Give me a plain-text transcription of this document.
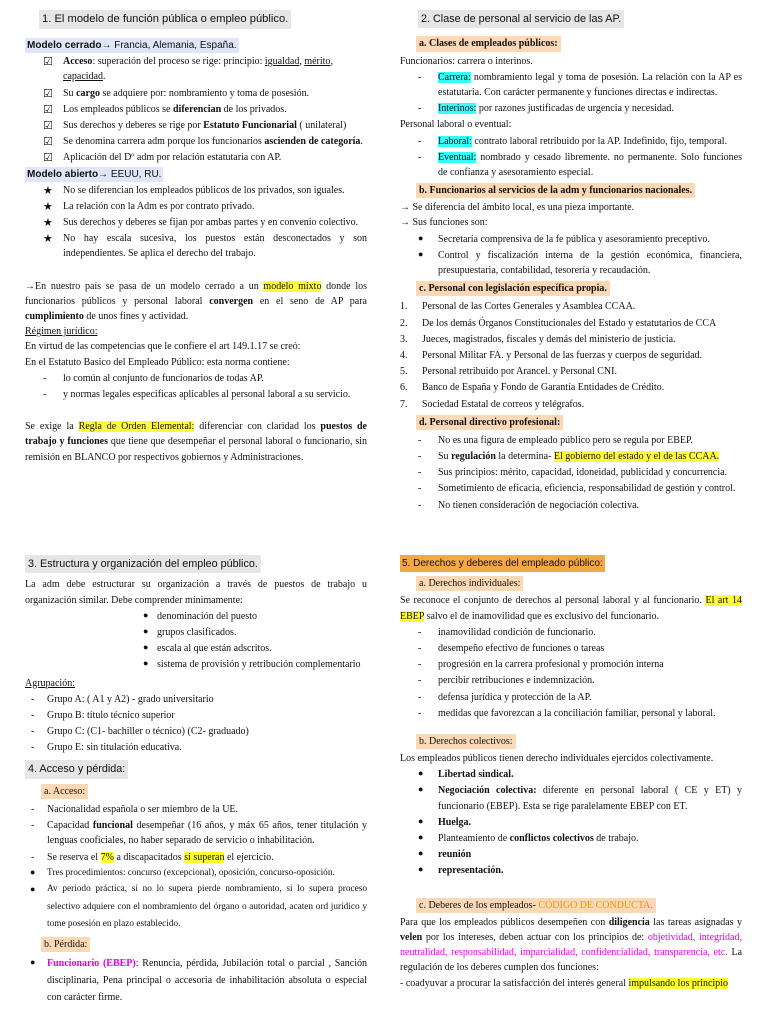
1. El modelo de función pública o empleo público.

Modelo cerrado→ Francia, Alemania, España.

☑ Acceso: superación del proceso se rige: principio: igualdad, mérito,
capacidad.
☑ Su cargo se adquiere por: nombramiento y toma de posesión.
☑ Los empleados públicos se diferencian de los privados.
☑ Sus derechos y deberes se rige por Estatuto Funcionarial ( unilateral)
☑ Se denomina carrera adm porque los funcionarios ascienden de categoría.
☑ Aplicación del Dº adm por relación estatutaria con AP.

Modelo abierto→ EEUU, RU.

★ No se diferencian los empleados públicos de los privados, son iguales.
★ La relación con la Adm es por contrato privado.
★ Sus derechos y deberes se fijan por ambas partes y en convenio colectivo.
★ No hay escala sucesiva, los puestos están desconectados y son independientes. Se aplica el derecho del trabajo.

→En nuestro país se pasa de un modelo cerrado a un modelo mixto donde los funcionarios públicos y personal laboral convergen en el seno de AP para cumplimiento de unos fines y actividad.

Régimen jurídico:

En virtud de las competencias que le confiere el art 149.1.17 se creó:

En el Estatuto Basico del Empleado Público: esta norma contiene:

- lo común al conjunto de funcionarios de todas AP.
- y normas legales específicas aplicables al personal laboral a su servicio.

Se exige la Regla de Orden Elemental: diferenciar con claridad los puestos de trabajo y funciones que tiene que desempeñar el personal laboral o funcionario, sin remisión en BLANCO por respectivos gobiernos y Administraciones.

2. Clase de personal al servicio de las AP.
a. Clases de empleados públicos:

Funcionarios: carrera o interinos.

- Carrera: nombramiento legal y toma de posesión. La relación con la AP es estatutaria. Con carácter permanente y funciones directas e indirectas.
- Interinos: por razones justificadas de urgencia y necesidad.

Personal laboral o eventual:

- Laboral: contrato laboral retribuido por la AP. Indefinido, fijo, temporal.
- Eventual: nombrado y cesado libremente. no permanente. Solo funciones de confianza y asesoramiento especial.
b. Funcionarios al servicios de la adm y funcionarios nacionales.

→ Se diferencia del ámbito local, es una pieza importante.

→ Sus funciones son:

● Secretaría comprensiva de la fe pública y asesoramiento preceptivo.
● Control y fiscalización interna de la gestión económica, financiera, presupuestaria, contabilidad, tesorería y recaudación.
c. Personal con legislación específica propia.
1. Personal de las Cortes Generales y Asamblea CCAA.
2. De los demás Órganos Constitucionales del Estado y estatutarios de CCA
3. Jueces, magistrados, fiscales y demás del ministerio de justicia.
4. Personal Militar FA. y Personal de las fuerzas y cuerpos de seguridad.
5. Personal retribuido por Arancel. y Personal CNI.
6. Banco de España y Fondo de Garantía Entidades de Crédito.
7. Sociedad Estatal de correos y telégrafos.
d. Personal directivo profesional:
- No es una figura de empleado público pero se regula por EBEP.
- Su regulación la determina- El gobierno del estado y el de las CCAA.
- Sus principios: mérito, capacidad, idoneidad, publicidad y concurrencia.
- Sometimiento de eficacia, eficiencia, responsabilidad de gestión y control.
- No tienen consideración de negociación colectiva.
3. Estructura y organización del empleo público.

La adm debe estructurar su organización a través de puestos de trabajo u organización similar. Debe comprender mínimamente:

● denominación del puesto
● grupos clasificados.
● escala al que están adscritos.
● sistema de provisión y retribución complementario

Agrupación:

- Grupo A: ( A1 y A2) - grado universitario
- Grupo B: título técnico superior
- Grupo C: (C1- bachiller o técnico) (C2- graduado)
- Grupo E: sin titulación educativa.
4. Acceso y pérdida:
a. Acceso:
- Nacionalidad española o ser miembro de la UE.
- Capacidad funcional desempeñar (16 años, y máx 65 años, tener titulación y lenguas cooficiales, no haber separado de servicio o inhabilitación.
- Se reserva el 7% a discapacitados si superan el ejercicio.
● Tres procedimientos: concurso (excepcional), oposición, concurso-oposición.
● Av periodo práctica, si no lo supera pierde nombramiento, si lo supera proceso selectivo adquiere con el nombramiento del órgano o autoridad, acaten ord jurídico y tome posesión en plazo establecido.
b. Pérdida:
● Funcionario (EBEP): Renuncia, pérdida, Jubilación total o parcial , Sanción disciplinaria, Pena principal o accesoria de inhabilitación absoluta o especial con carácter firme.
5. Derechos y deberes del empleado público:
a. Derechos individuales:

Se reconoce el conjunto de derechos al personal laboral y al funcionario. El art 14 EBEP salvo el de inamovilidad que es exclusivo del funcionario.

- inamovilidad condición de funcionario.
- desempeño efectivo de funciones o tareas
- progresión en la carrera profesional y promoción interna
- percibir retribuciones e indemnización.
- defensa jurídica y protección de la AP.
- medidas que favorezcan a la conciliación familiar, personal y laboral.
b. Derechos colectivos:

Los empleados públicos tienen derecho individuales ejercidos colectivamente.

● Libertad sindical.
● Negociación colectiva: diferente en personal laboral ( CE y ET) y funcionario (EBEP). Esta se rige paralelamente EBEP con ET.
● Huelga.
● Planteamiento de conflictos colectivos de trabajo.
● reunión
● representación.
c. Deberes de los empleados- CÓDIGO DE CONDUCTA.

Para que los empleados públicos desempeñen con diligencia las tareas asignadas y velen por los intereses, deben actuar con los principios de: objetividad, integridad, neutralidad, responsabilidad, imparcialidad, confidencialidad, transparencia, etc. La regulación de los deberes cumplen dos funciones:

- coadyuvar a procurar la satisfacción del interés general impulsando los principio
